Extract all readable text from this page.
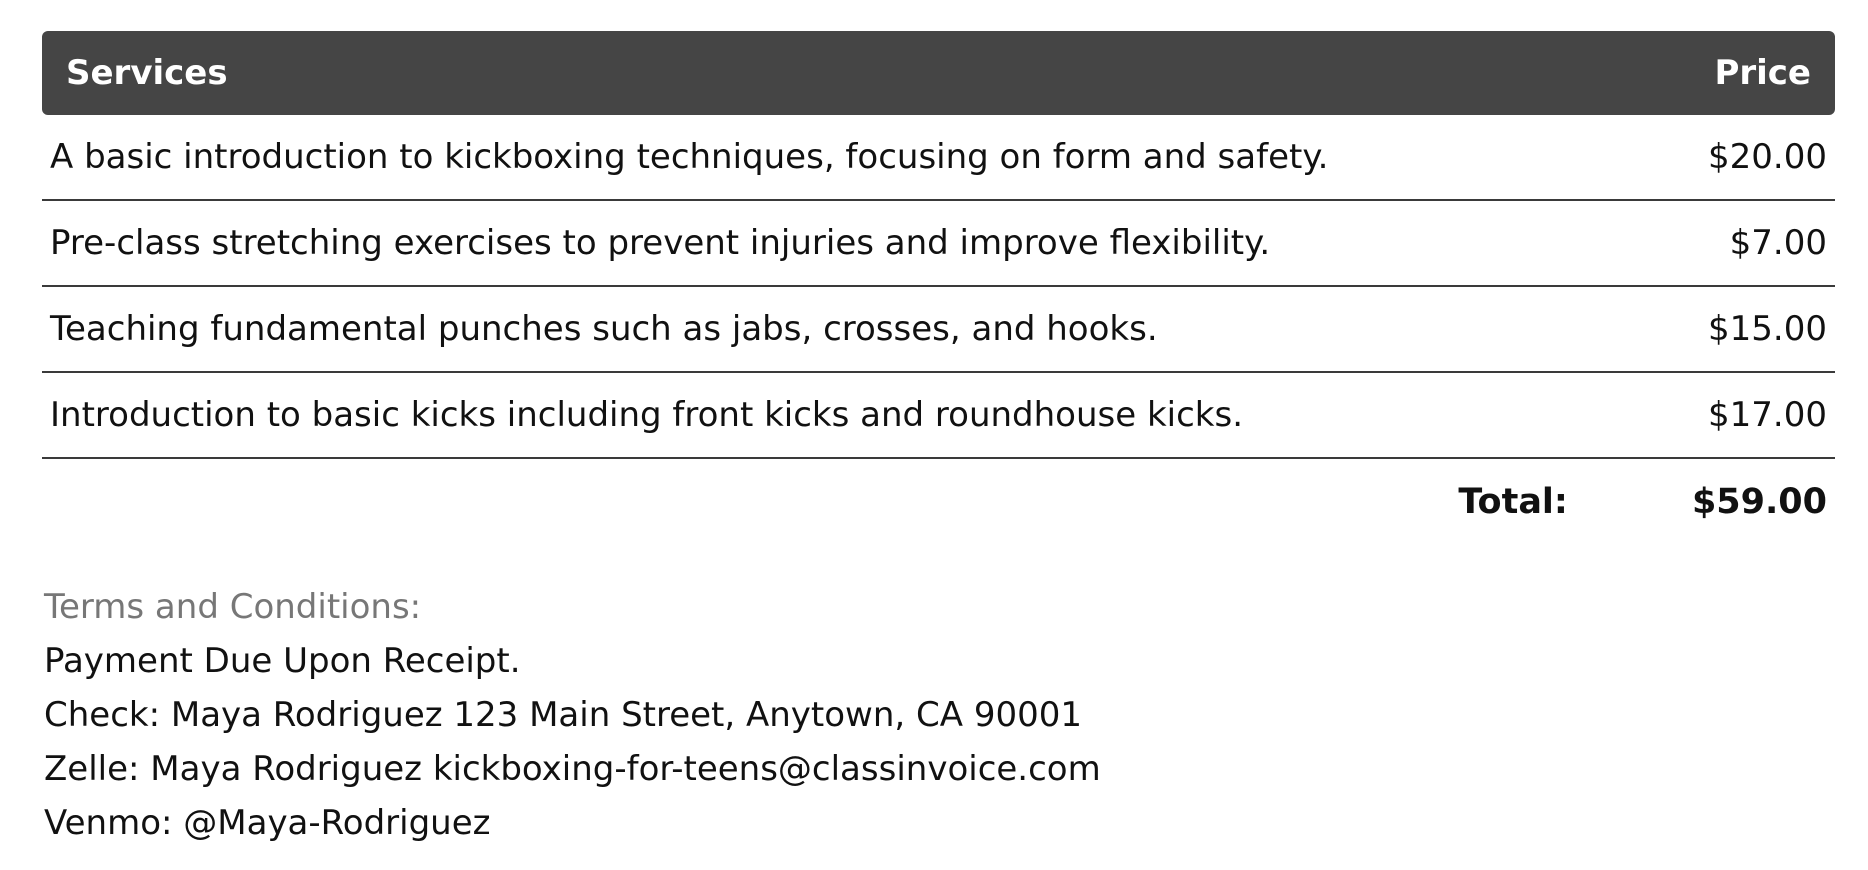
Services	Price
A basic introduction to kickboxing techniques, focusing on form and safety.	$20.00
Pre-class stretching exercises to prevent injuries and improve flexibility.	$7.00
Teaching fundamental punches such as jabs, crosses, and hooks.	$15.00
Introduction to basic kicks including front kicks and roundhouse kicks.	$17.00
Total:	$59.00
Terms and Conditions:
Payment Due Upon Receipt.
Check: Maya Rodriguez 123 Main Street, Anytown, CA 90001
Zelle: Maya Rodriguez kickboxing-for-teens@classinvoice.com
Venmo: @Maya-Rodriguez
